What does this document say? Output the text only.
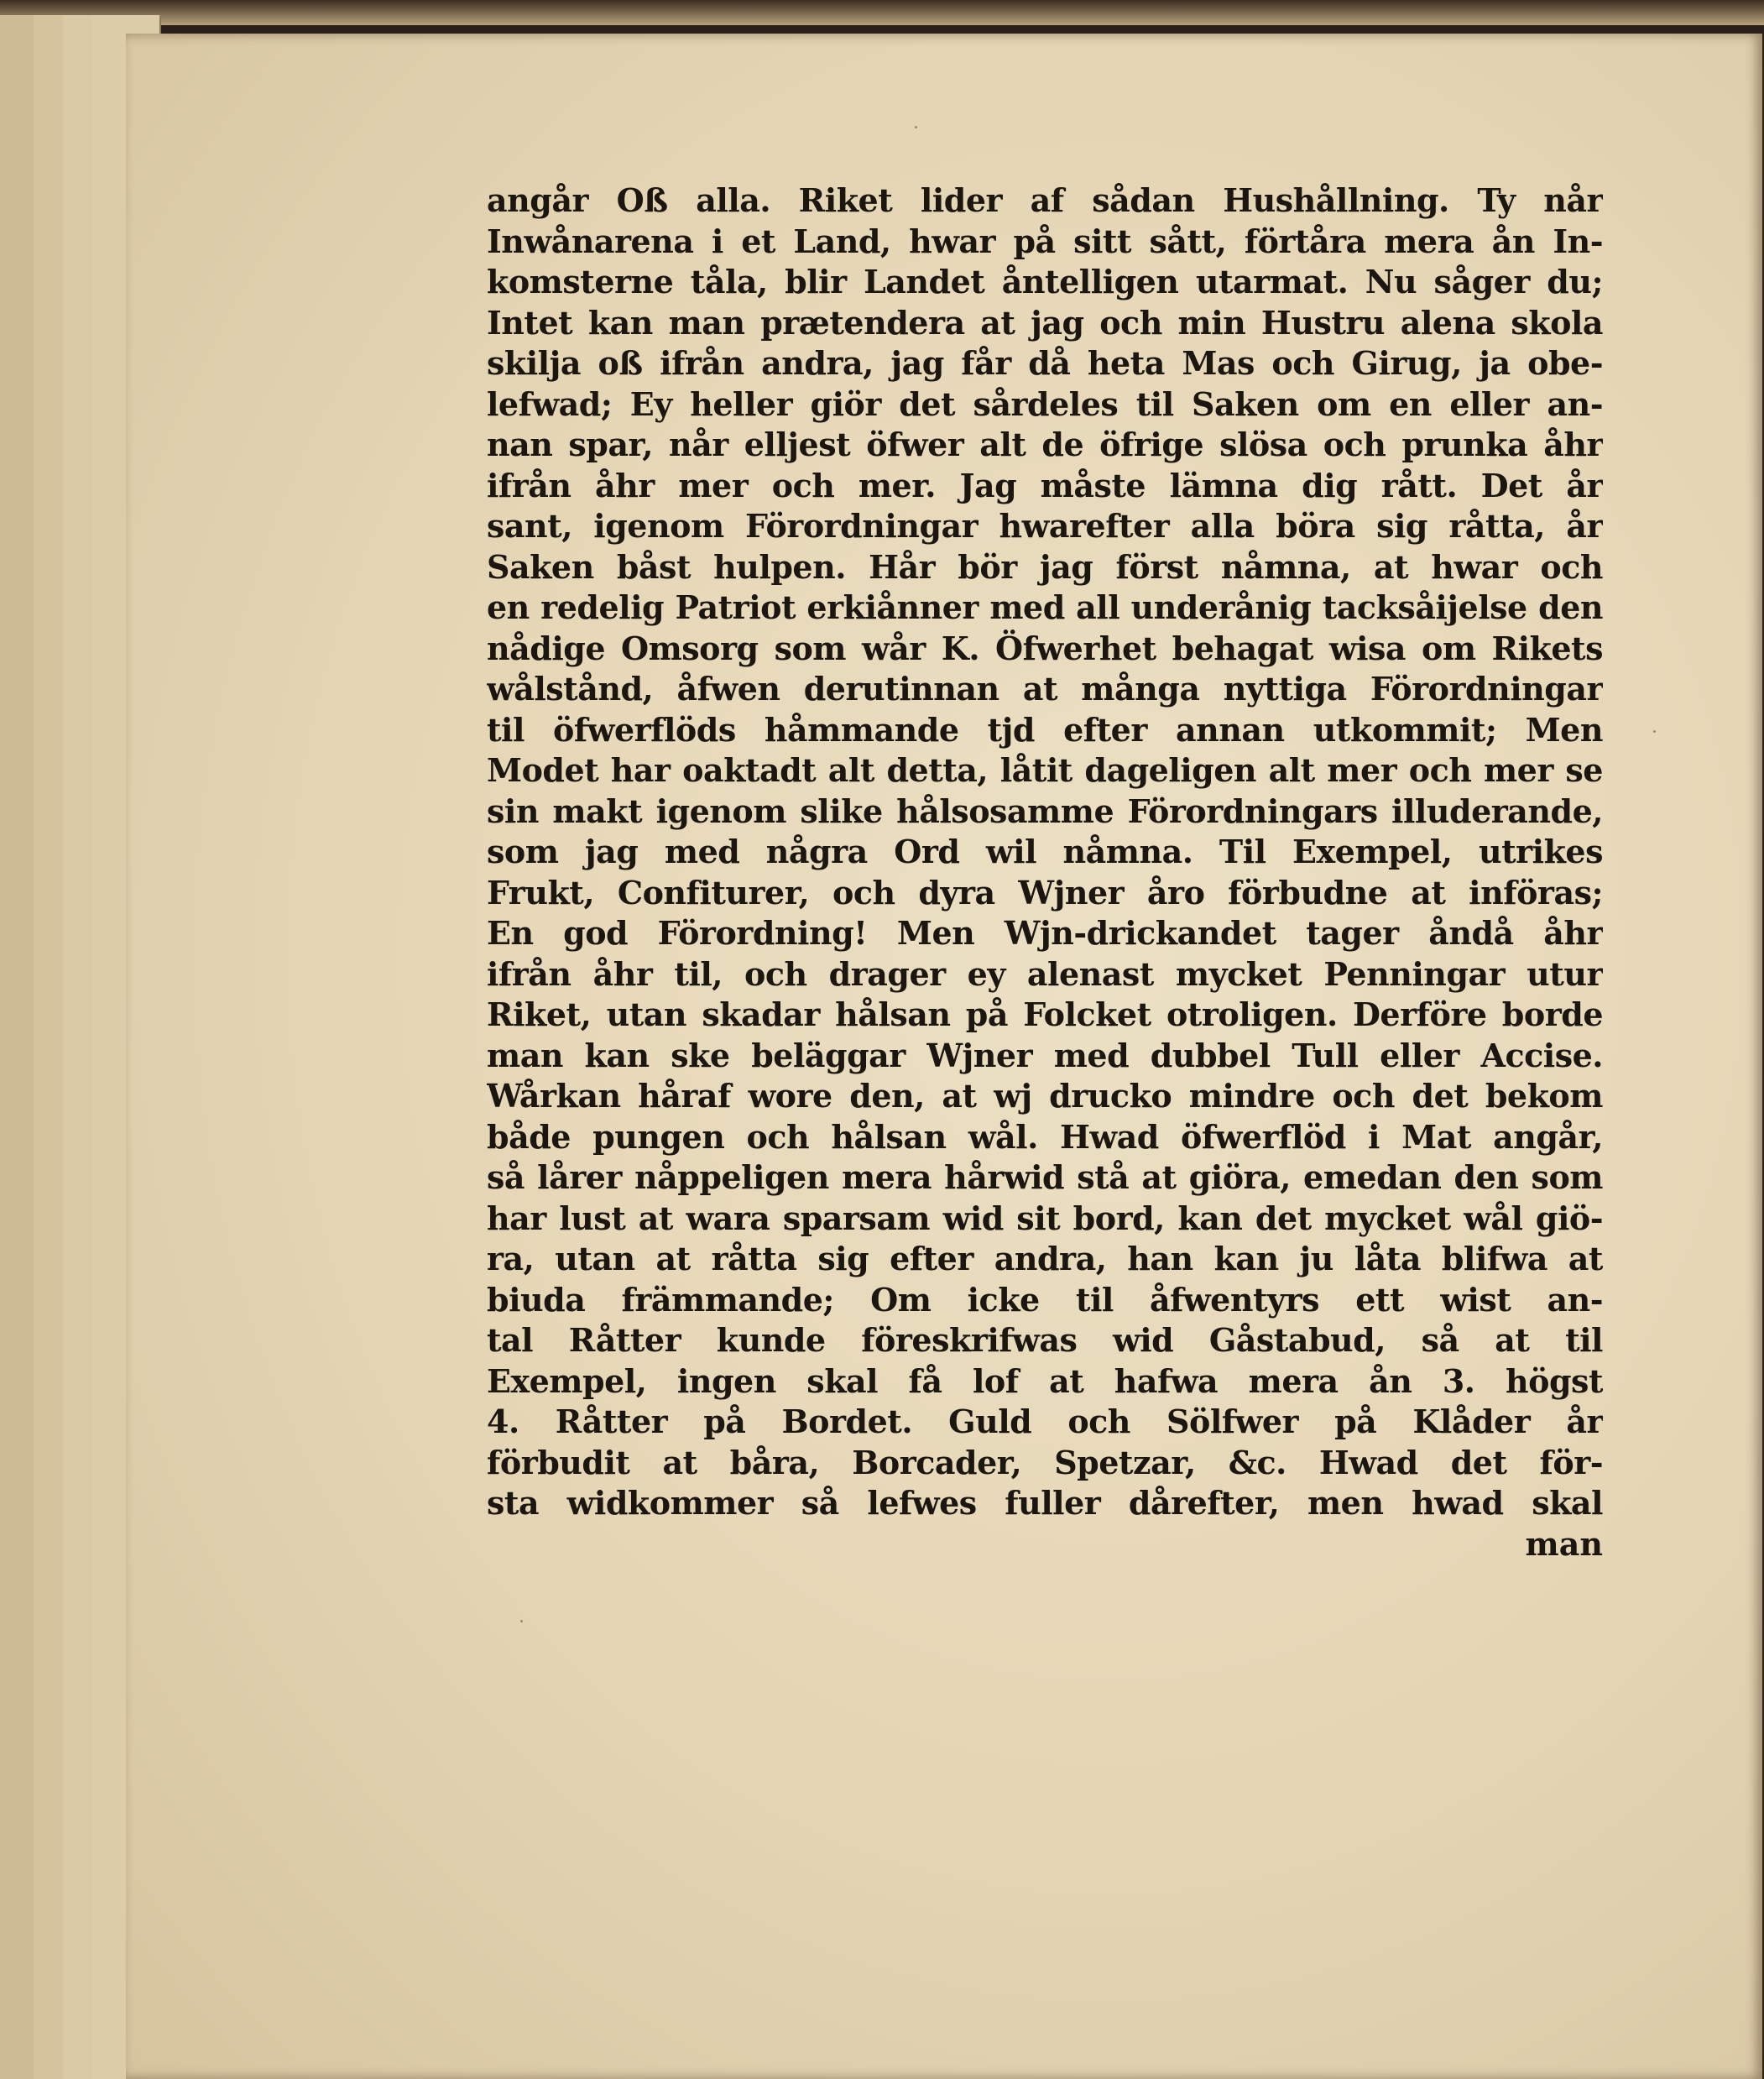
angår Oß alla. Riket lider af sådan Hushållning. Ty når
Inwånarena i et Land, hwar på sitt sått, förtåra mera ån In-
komsterne tåla, blir Landet åntelligen utarmat. Nu såger du;
Intet kan man prætendera at jag och min Hustru alena skola
skilja oß ifrån andra, jag får då heta Mas och Girug, ja obe-
lefwad; Ey heller giör det sårdeles til Saken om en eller an-
nan spar, når elljest öfwer alt de öfrige slösa och prunka åhr
ifrån åhr mer och mer. Jag måste lämna dig rått. Det år
sant, igenom Förordningar hwarefter alla böra sig råtta, år
Saken båst hulpen. Hår bör jag först nåmna, at hwar och
en redelig Patriot erkiånner med all underånig tacksåijelse den
nådige Omsorg som wår K. Öfwerhet behagat wisa om Rikets
wålstånd, åfwen derutinnan at många nyttiga Förordningar
til öfwerflöds håmmande tjd efter annan utkommit; Men
Modet har oaktadt alt detta, låtit dageligen alt mer och mer se
sin makt igenom slike hålsosamme Förordningars illuderande,
som jag med några Ord wil nåmna. Til Exempel, utrikes
Frukt, Confiturer, och dyra Wjner åro förbudne at införas;
En god Förordning! Men Wjn-drickandet tager åndå åhr
ifrån åhr til, och drager ey alenast mycket Penningar utur
Riket, utan skadar hålsan på Folcket otroligen. Derföre borde
man kan ske beläggar Wjner med dubbel Tull eller Accise.
Wårkan håraf wore den, at wj drucko mindre och det bekom
både pungen och hålsan wål. Hwad öfwerflöd i Mat angår,
så lårer nåppeligen mera hårwid stå at giöra, emedan den som
har lust at wara sparsam wid sit bord, kan det mycket wål giö-
ra, utan at råtta sig efter andra, han kan ju låta blifwa at
biuda främmande; Om icke til åfwentyrs ett wist an-
tal Råtter kunde föreskrifwas wid Gåstabud, så at til
Exempel, ingen skal få lof at hafwa mera ån 3. högst
4. Råtter på Bordet. Guld och Sölfwer på Klåder år
förbudit at båra, Borcader, Spetzar, &c. Hwad det för-
sta widkommer så lefwes fuller dårefter, men hwad skal
man
